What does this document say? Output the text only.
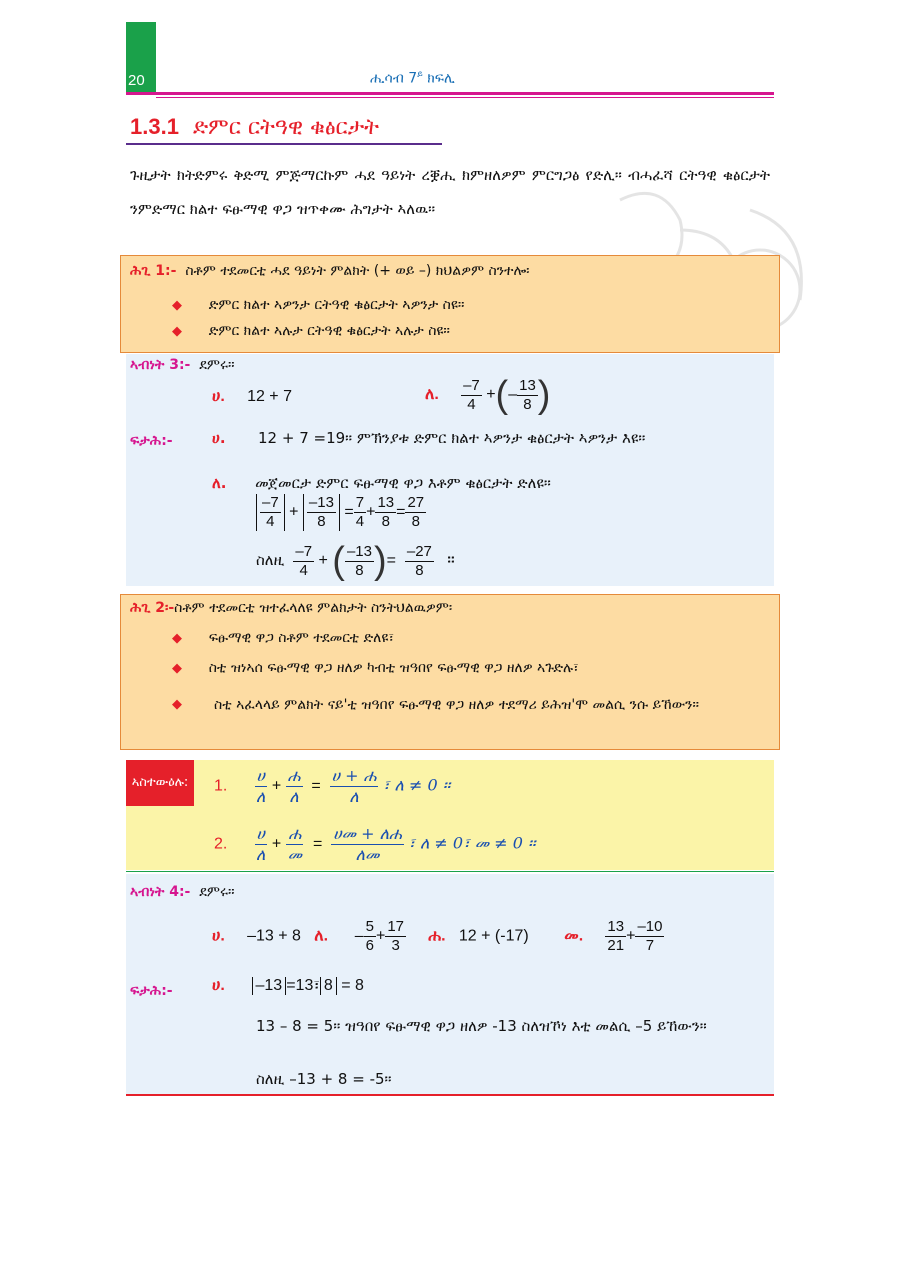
20	ሒሳብ $7^ይ$ ክፍሊ
1.3.1 ድምር ርትዓዊ ቁፅርታት
ጉዚታት ክትድምሩ ቅድሚ ምጅማርኩም ሓደ ዓይነት ረቛሒ ክምዘለዎም ምርግጋፅ የድሊ። ብሓፈሻ ርትዓዊ ቁፅርታት ንምድማር ክልተ ፍፁማዊ ዋጋ ዝጥቀሙ ሕግታት ኣለዉ።
ሕጊ 1:- ስቶም ተደመርቲ ሓደ ዓይነት ምልክት (+ ወይ –) ክህልዎም ስንተሎ፡
◆ ድምር ክልተ ኣዎንታ ርትዓዊ ቁፅርታት ኣዎንታ ስዩ።
◆ ድምር ክልተ ኣሉታ ርትዓዊ ቁፅርታት ኣሉታ ስዩ።
ኣብነት 3:- ደምሩ።
ሀ. 12 + 7	ለ. $\frac{-7}{4}$ +(– $\frac{13}{8}$ )
ፍታሕ:-	ሀ. 12 + 7 =19። ምኽንያቱ ድምር ክልተ ኣዎንታ ቁፅርታት ኣዎንታ እዩ።
ለ. መጀመርታ ድምር ፍፁማዊ ዋጋ እቶም ቁፅርታት ድለዩ።
$\frac{-7}{4} + \frac{-13}{8} = \frac{7}{4} + \frac{13}{8} = \frac{27}{8}$
ስለዚ $\frac{-7}{4}$ + ( $\frac{-13}{8}$ )= $\frac{-27}{8}$ ።
ሕጊ 2፡-ስቶም ተደመርቲ ዝተፈላለዩ ምልክታት ስንትህልዉዎም፡
◆ ፍፁማዊ ዋጋ ስቶም ተደመርቲ ድለዩ፣
◆ ስቲ ዝነኣሰ ፍፁማዊ ዋጋ ዘለዎ ካብቲ ዝዓበየ ፍፁማዊ ዋጋ ዘለዎ ኣጉድሉ፣
◆ ስቲ ኣፈላላይ ምልክት ናይ'ቲ ዝዓበየ ፍፁማዊ ዋጋ ዘለዎ ተደማሪ ይሕዝ'ሞ መልሲ ንሱ ይኸውን።
ኣስተውዕሉ:	1. $\frac{\text{ሀ}}{\text{ለ}} + \frac{\text{ሐ}}{\text{ለ}} = \frac{\text{ሀ + ሐ}}{\text{ለ}}$ ፣ ለ ≠ 0 ።
2. $\frac{\text{ሀ}}{\text{ለ}} + \frac{\text{ሐ}}{\text{መ}} = \frac{\text{ሀመ + ለሐ}}{\text{ለመ}}$ ፣ ለ ≠ 0፣ መ ≠ 0 ።
ኣብነት 4:- ደምሩ።
ሀ. –13 + 8 ለ. – $\frac{5}{6} + \frac{17}{3}$ ሐ. 12 + (-17) መ. $\frac{13}{21} + \frac{-10}{7}$
ፍታሕ:- ሀ. –13 =13፣ 8 = 8
13 – 8 = 5። ዝዓበየ ፍፁማዊ ዋጋ ዘለዎ -13 ስለዝኾነ እቲ መልሲ –5 ይኸውን።
ስለዚ –13 + 8 = -5።
